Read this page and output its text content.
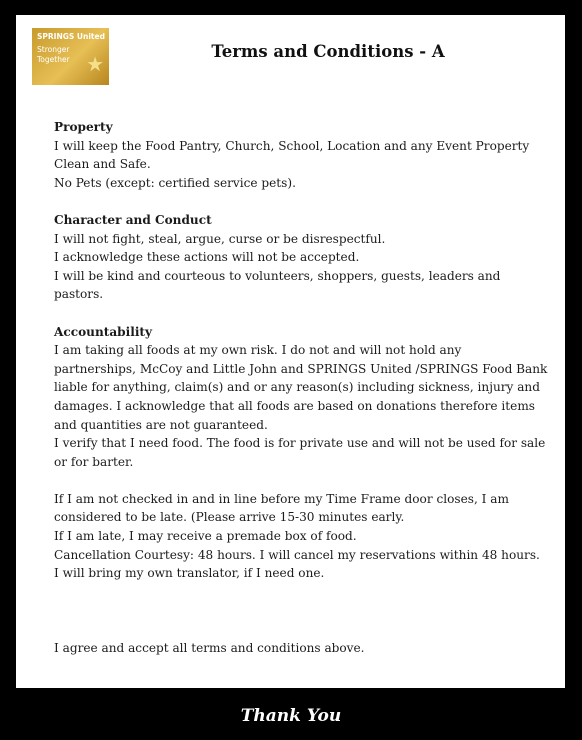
SPRINGS United
Stronger
Together ★
Terms and Conditions - A
Property
I will keep the Food Pantry, Church, School, Location and any Event Property
Clean and Safe.
No Pets (except: certified service pets).
Character and Conduct
I will not fight, steal, argue, curse or be disrespectful.
I acknowledge these actions will not be accepted.
I will be kind and courteous to volunteers, shoppers, guests, leaders and
pastors.
Accountability
I am taking all foods at my own risk. I do not and will not hold any
partnerships, McCoy and Little John and SPRINGS United /SPRINGS Food Bank
liable for anything, claim(s) and or any reason(s) including sickness, injury and
damages. I acknowledge that all foods are based on donations therefore items
and quantities are not guaranteed.
I verify that I need food. The food is for private use and will not be used for sale
or for barter.
If I am not checked in and in line before my Time Frame door closes, I am
considered to be late. (Please arrive 15-30 minutes early.
If I am late, I may receive a premade box of food.
Cancellation Courtesy: 48 hours. I will cancel my reservations within 48 hours.
I will bring my own translator, if I need one.
I agree and accept all terms and conditions above.
Thank You
